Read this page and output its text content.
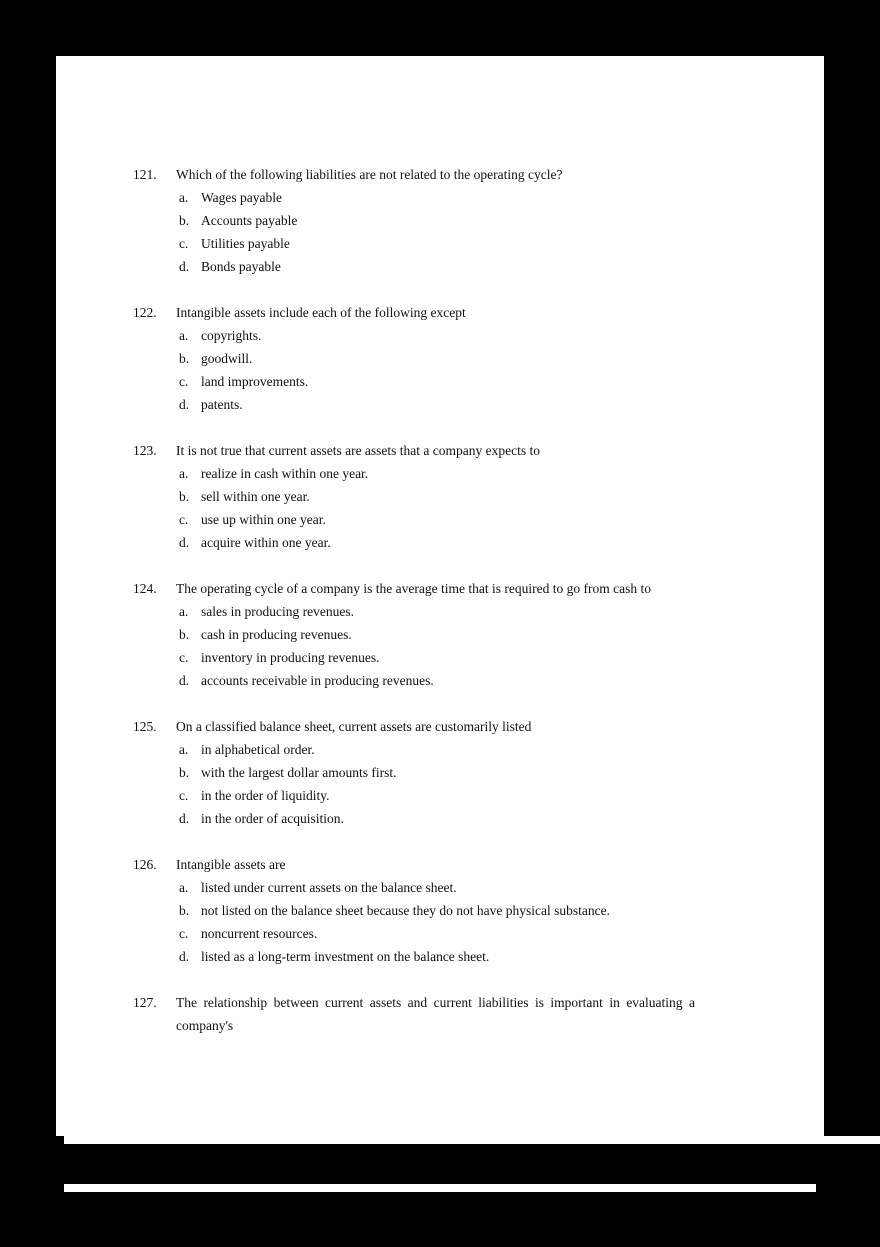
121.	Which of the following liabilities are not related to the operating cycle?
a. Wages payable
b. Accounts payable
c. Utilities payable
d. Bonds payable
122.	Intangible assets include each of the following except
a. copyrights.
b. goodwill.
c. land improvements.
d. patents.
123.	It is not true that current assets are assets that a company expects to
a. realize in cash within one year.
b. sell within one year.
c. use up within one year.
d. acquire within one year.
124.	The operating cycle of a company is the average time that is required to go from cash to
a. sales in producing revenues.
b. cash in producing revenues.
c. inventory in producing revenues.
d. accounts receivable in producing revenues.
125.	On a classified balance sheet, current assets are customarily listed
a. in alphabetical order.
b. with the largest dollar amounts first.
c. in the order of liquidity.
d. in the order of acquisition.
126.	Intangible assets are
a. listed under current assets on the balance sheet.
b. not listed on the balance sheet because they do not have physical substance.
c. noncurrent resources.
d. listed as a long-term investment on the balance sheet.
127.	The relationship between current assets and current liabilities is important in evaluating a company's
